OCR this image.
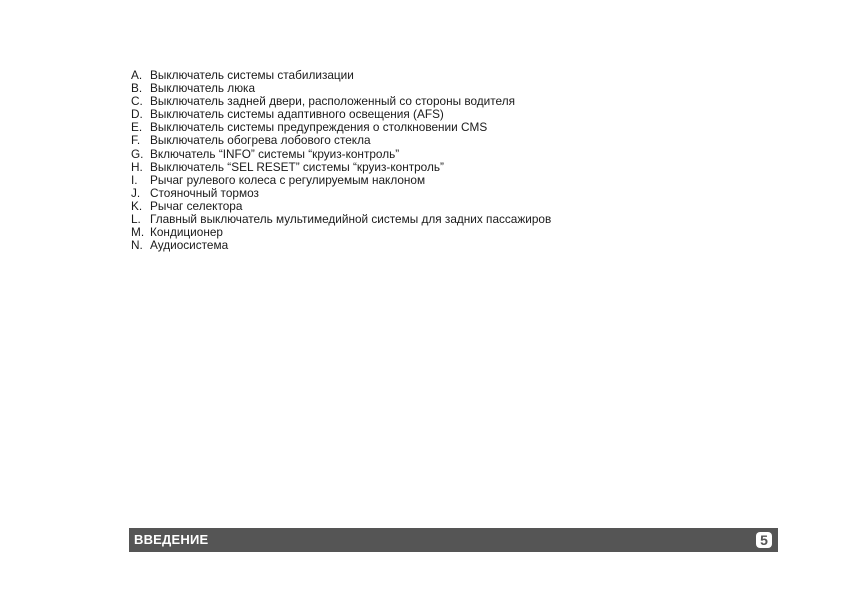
A. Выключатель системы стабилизации
B. Выключатель люка
C. Выключатель задней двери, расположенный со стороны водителя
D. Выключатель системы адаптивного освещения (AFS)
E. Выключатель системы предупреждения о столкновении CMS
F. Выключатель обогрева лобового стекла
G. Включатель “INFO” системы “круиз-контроль”
H. Выключатель “SEL RESET” системы “круиз-контроль”
I.	Рычаг рулевого колеса с регулируемым наклоном
J. Стояночный тормоз
K. Рычаг селектора
L. Главный выключатель мультимедийной системы для задних пассажиров
M. Кондиционер
N. Аудиосистема
ВВЕДЕНИЕ	5
